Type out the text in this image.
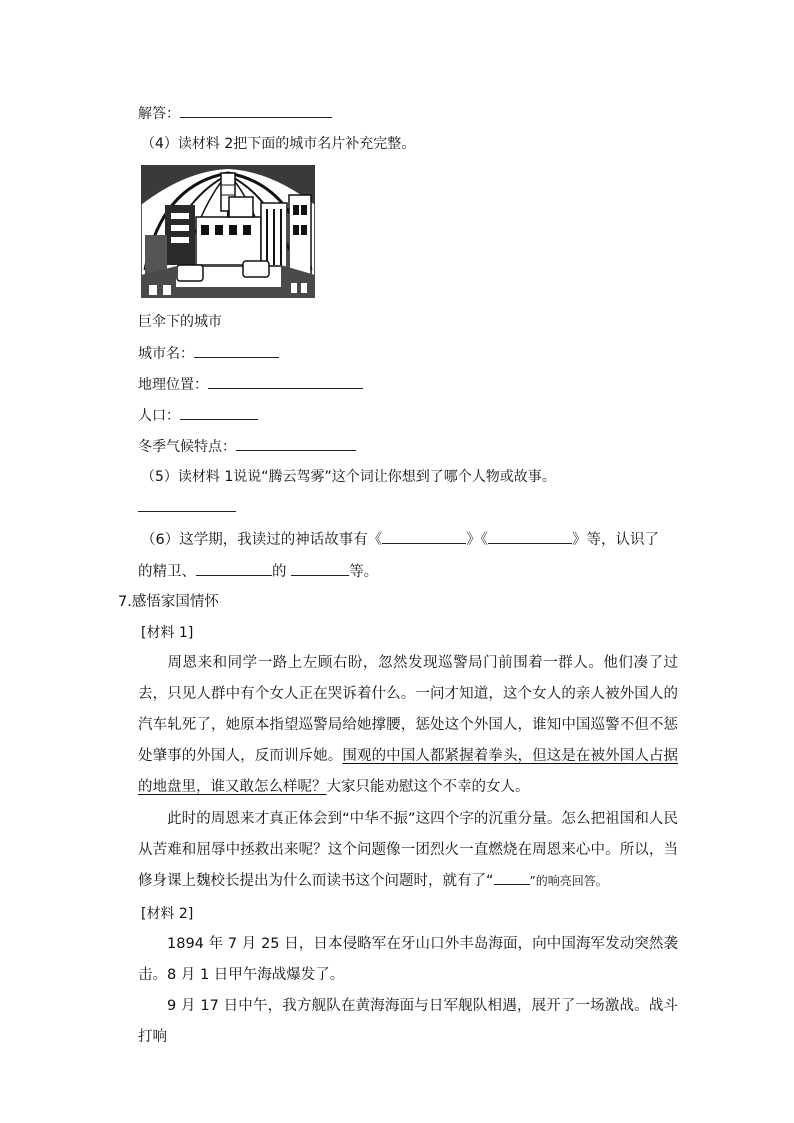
解答：
（4）读材料 2把下面的城市名片补充完整。
巨伞下的城市
城市名：
地理位置：
人口：
冬季气候特点：
（5）读材料 1说说“腾云驾雾”这个词让你想到了哪个人物或故事。
（6）这学期，我读过的神话故事有《	》《	》等，认识了
的精卫、	的	等。
7.感悟家国情怀
[材料 1]
周恩来和同学一路上左顾右盼，忽然发现巡警局门前围着一群人。他们凑了过去，只见人群中有个女人正在哭诉着什么。一问才知道，这个女人的亲人被外国人的汽车轧死了，她原本指望巡警局给她撑腰，惩处这个外国人，谁知中国巡警不但不惩处肇事的外国人，反而训斥她。围观的中国人都紧握着拳头，但这是在被外国人占据的地盘里，谁又敢怎么样呢？大家只能劝慰这个不幸的女人。
此时的周恩来才真正体会到“中华不振”这四个字的沉重分量。怎么把祖国和人民从苦难和屈辱中拯救出来呢？这个问题像一团烈火一直燃烧在周恩来心中。所以，当修身课上魏校长提出为什么而读书这个问题时，就有了“	”的响亮回答。
[材料 2]
1894 年 7 月 25 日，日本侵略军在牙山口外丰岛海面，向中国海军发动突然袭击。8 月 1 日甲午海战爆发了。
9 月 17 日中午，我方舰队在黄海海面与日军舰队相遇，展开了一场激战。战斗打响
